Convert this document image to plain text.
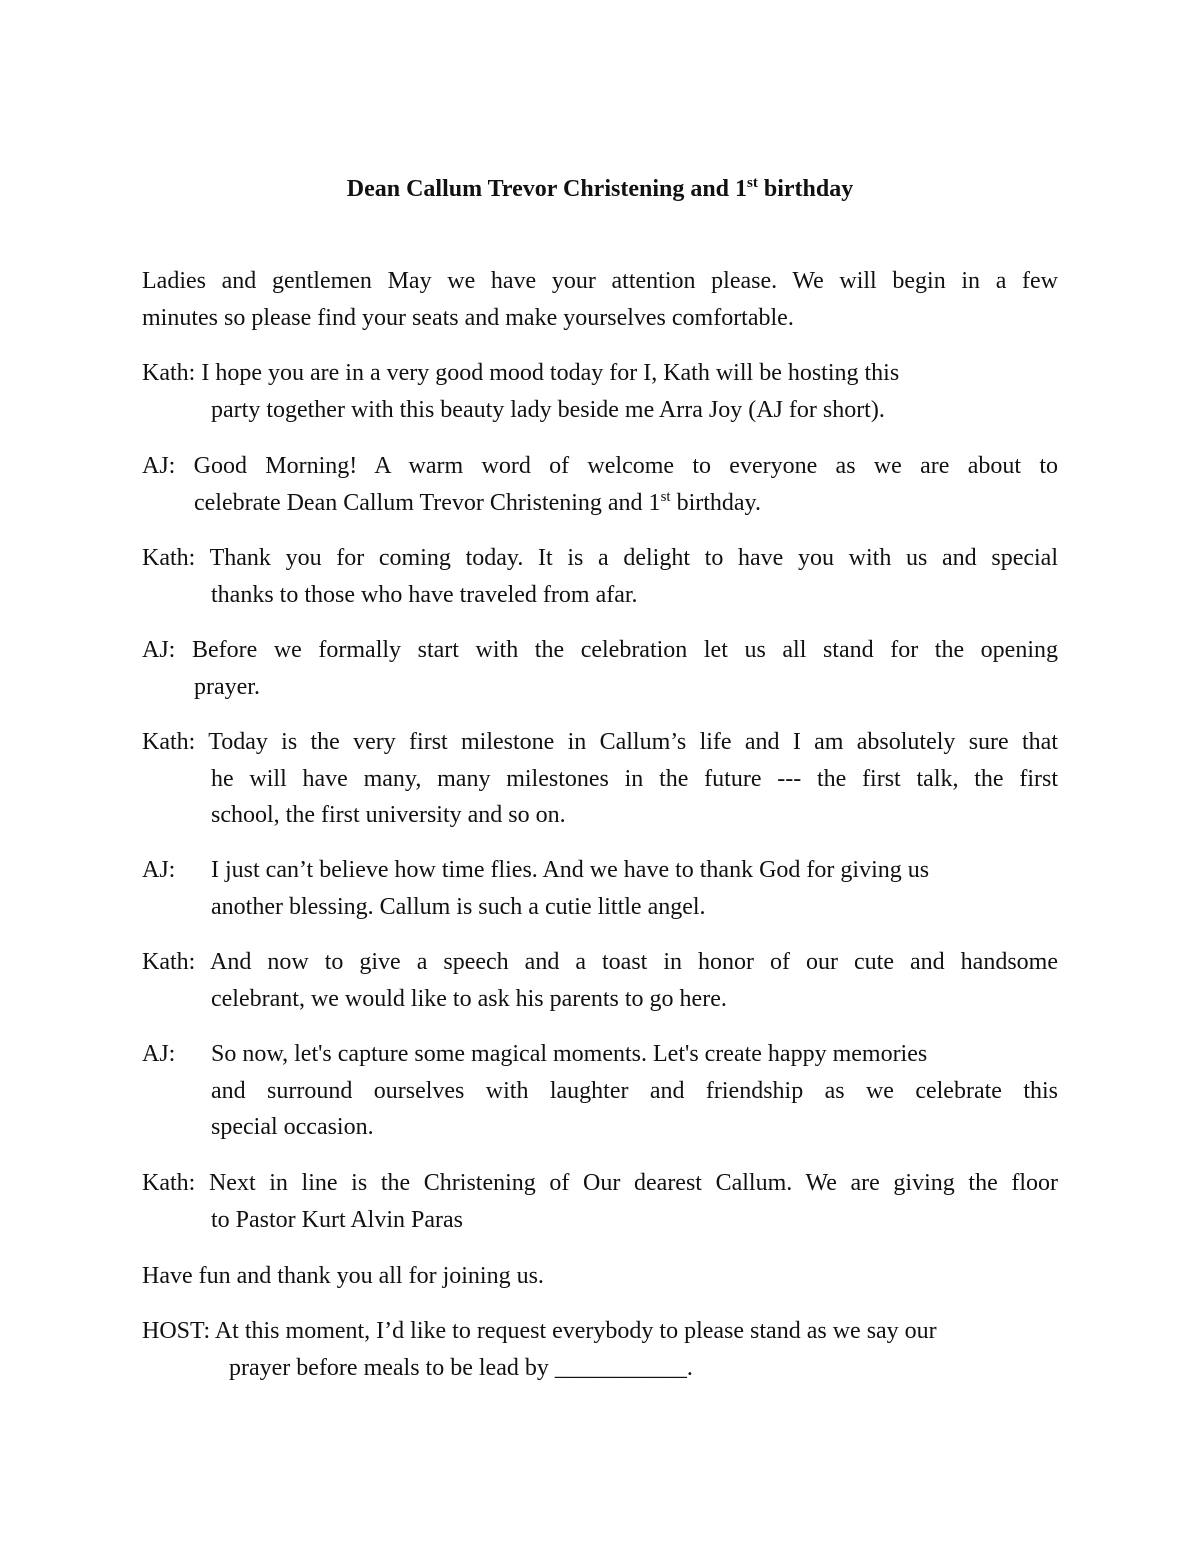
Dean Callum Trevor Christening and 1st birthday
Ladies and gentlemen May we have your attention please. We will begin in a few
minutes so please find your seats and make yourselves comfortable.
Kath: I hope you are in a very good mood today for I, Kath will be hosting this
party together with this beauty lady beside me Arra Joy (AJ for short).
AJ: Good Morning! A warm word of welcome to everyone as we are about to
celebrate Dean Callum Trevor Christening and 1st birthday.
Kath: Thank you for coming today. It is a delight to have you with us and special
thanks to those who have traveled from afar.
AJ: Before we formally start with the celebration let us all stand for the opening
prayer.
Kath: Today is the very first milestone in Callum’s life and I am absolutely sure that
he will have many, many milestones in the future --- the first talk, the first
school, the first university and so on.
AJ: I just can’t believe how time flies. And we have to thank God for giving us
another blessing. Callum is such a cutie little angel.
Kath: And now to give a speech and a toast in honor of our cute and handsome
celebrant, we would like to ask his parents to go here.
AJ: So now, let's capture some magical moments. Let's create happy memories
and surround ourselves with laughter and friendship as we celebrate this
special occasion.
Kath: Next in line is the Christening of Our dearest Callum. We are giving the floor
to Pastor Kurt Alvin Paras
Have fun and thank you all for joining us.
HOST: At this moment, I’d like to request everybody to please stand as we say our
prayer before meals to be lead by ___________.
